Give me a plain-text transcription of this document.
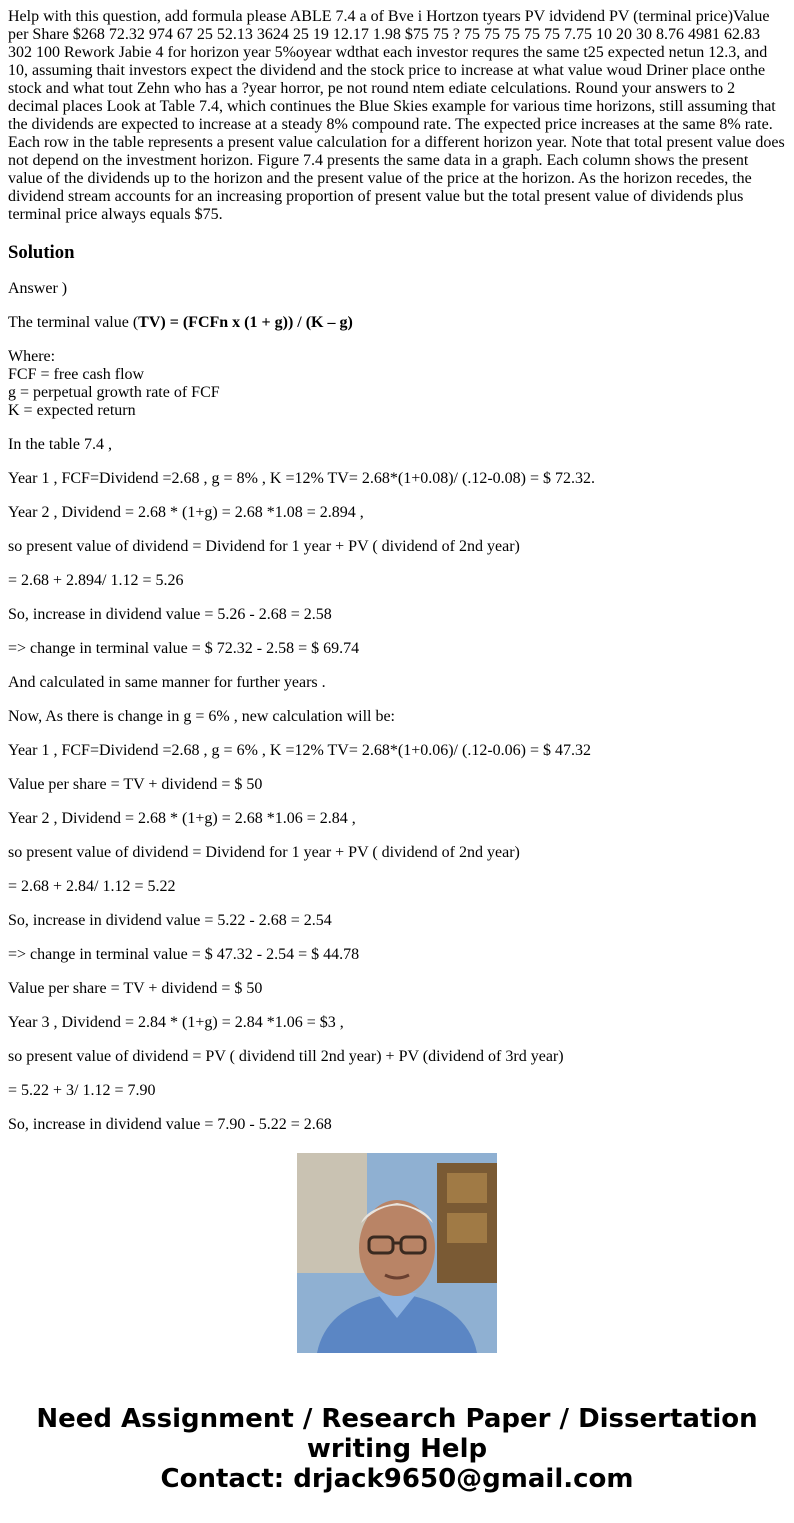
Help with this question, add formula please ABLE 7.4 a of Bve i Hortzon tyears PV idvidend PV (terminal price)Value per Share $268 72.32 974 67 25 52.13 3624 25 19 12.17 1.98 $75 75 ? 75 75 75 75 75 7.75 10 20 30 8.76 4981 62.83 302 100 Rework Jabie 4 for horizon year 5%oyear wdthat each investor requres the same t25 expected netun 12.3, and 10, assuming thait investors expect the dividend and the stock price to increase at what value woud Driner place onthe stock and what tout Zehn who has a ?year horror, pe not round ntem ediate celculations. Round your answers to 2 decimal places Look at Table 7.4, which continues the Blue Skies example for various time horizons, still assuming that the dividends are expected to increase at a steady 8% compound rate. The expected price increases at the same 8% rate. Each row in the table represents a present value calculation for a different horizon year. Note that total present value does not depend on the investment horizon. Figure 7.4 presents the same data in a graph. Each column shows the present value of the dividends up to the horizon and the present value of the price at the horizon. As the horizon recedes, the dividend stream accounts for an increasing proportion of present value but the total present value of dividends plus terminal price always equals $75.
Solution

Answer )

The terminal value (TV) = (FCFn x (1 + g)) / (K – g)

Where:
FCF = free cash flow
g = perpetual growth rate of FCF
K = expected return

In the table 7.4 ,

Year 1 , FCF=Dividend =2.68 , g = 8% , K =12% TV= 2.68*(1+0.08)/ (.12-0.08) = $ 72.32.

Year 2 , Dividend = 2.68 * (1+g) = 2.68 *1.08 = 2.894 ,

so present value of dividend = Dividend for 1 year + PV ( dividend of 2nd year)

= 2.68 + 2.894/ 1.12 = 5.26

So, increase in dividend value = 5.26 - 2.68 = 2.58

=> change in terminal value = $ 72.32 - 2.58 = $ 69.74

And calculated in same manner for further years .

Now, As there is change in g = 6% , new calculation will be:

Year 1 , FCF=Dividend =2.68 , g = 6% , K =12% TV= 2.68*(1+0.06)/ (.12-0.06) = $ 47.32

Value per share = TV + dividend = $ 50

Year 2 , Dividend = 2.68 * (1+g) = 2.68 *1.06 = 2.84 ,

so present value of dividend = Dividend for 1 year + PV ( dividend of 2nd year)

= 2.68 + 2.84/ 1.12 = 5.22

So, increase in dividend value = 5.22 - 2.68 = 2.54

=> change in terminal value = $ 47.32 - 2.54 = $ 44.78

Value per share = TV + dividend = $ 50

Year 3 , Dividend = 2.84 * (1+g) = 2.84 *1.06 = $3 ,

so present value of dividend = PV ( dividend till 2nd year) + PV (dividend of 3rd year)

= 5.22 + 3/ 1.12 = 7.90

So, increase in dividend value = 7.90 - 5.22 = 2.68

Need Assignment / Research Paper / Dissertation
writing Help
Contact: drjack9650@gmail.com
